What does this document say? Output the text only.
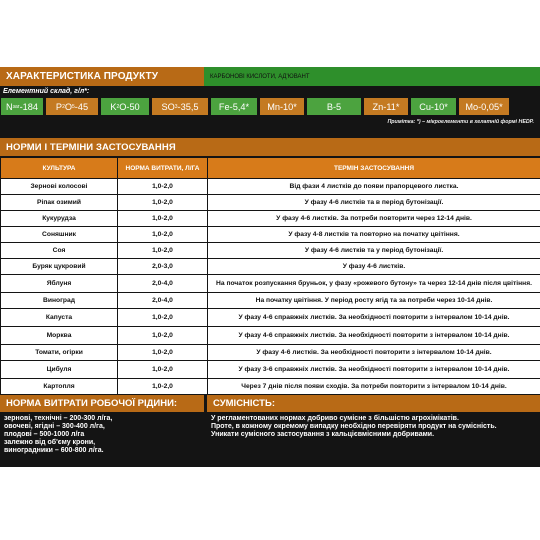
ХАРАКТЕРИСТИКА ПРОДУКТУ	КАРБОНОВІ КИСЛОТИ, АД'ЮВАНТ
Елементний склад, г/л*:
N заг -184 P 2 O 5 -45 K 2 O -50 SO 3 -35,5 Fe-5,4* Mn-10*	B-5	Zn-11* Cu-10* Mo-0,05*
Примітка: *) – мікроелементи в хелатній формі HEDP.
НОРМИ І ТЕРМІНИ ЗАСТОСУВАННЯ
КУЛЬТУРА	НОРМА ВИТРАТИ, Л/ГА	ТЕРМІН ЗАСТОСУВАННЯ
Зернові колосові	1,0-2,0	Від фази 4 листків до появи прапорцевого листка.
Ріпак озимий	1,0-2,0	У фазу 4-6 листків та в період бутонізації.
Кукурудза	1,0-2,0	У фазу 4-6 листків. За потреби повторити через 12-14 днів.
Соняшник	1,0-2,0	У фазу 4-8 листків та повторно на початку цвітіння.
Соя	1,0-2,0	У фазу 4-6 листків та у період бутонізації.
Буряк цукровий	2,0-3,0	У фазу 4-6 листків.
Яблуня	2,0-4,0	На початок розпускання бруньок, у фазу «рожевого бутону» та через 12-14 днів після цвітіння.
Виноград	2,0-4,0	На початку цвітіння. У період росту ягід та за потреби через 10-14 днів.
Капуста	1,0-2,0	У фазу 4-6 справжніх листків. За необхідності повторити з інтервалом 10-14 днів.
Морква	1,0-2,0	У фазу 4-6 справжніх листків. За необхідності повторити з інтервалом 10-14 днів.
Томати, огірки	1,0-2,0	У фазу 4-6 листків. За необхідності повторити з інтервалом 10-14 днів.
Цибуля	1,0-2,0	У фазу 3-6 справжніх листків. За необхідності повторити з інтервалом 10-14 днів.
Картопля	1,0-2,0	Через 7 днів після появи сходів. За потреби повторити з інтервалом 10-14 днів.
НОРМА ВИТРАТИ РОБОЧОЇ РІДИНИ:	СУМІСНІСТЬ:
зернові, технічні – 200-300 л/га,
овочеві, ягідні – 300-400 л/га,
плодові – 500-1000 л/га
залежно від об'єму крони,
виноградники – 600-800 л/га.
У регламентованих нормах добриво сумісне з більшістю агрохімікатів.
Проте, в кожному окремому випадку необхідно перевіряти продукт на сумісність.
Уникати сумісного застосування з кальцієвмісними добривами.
